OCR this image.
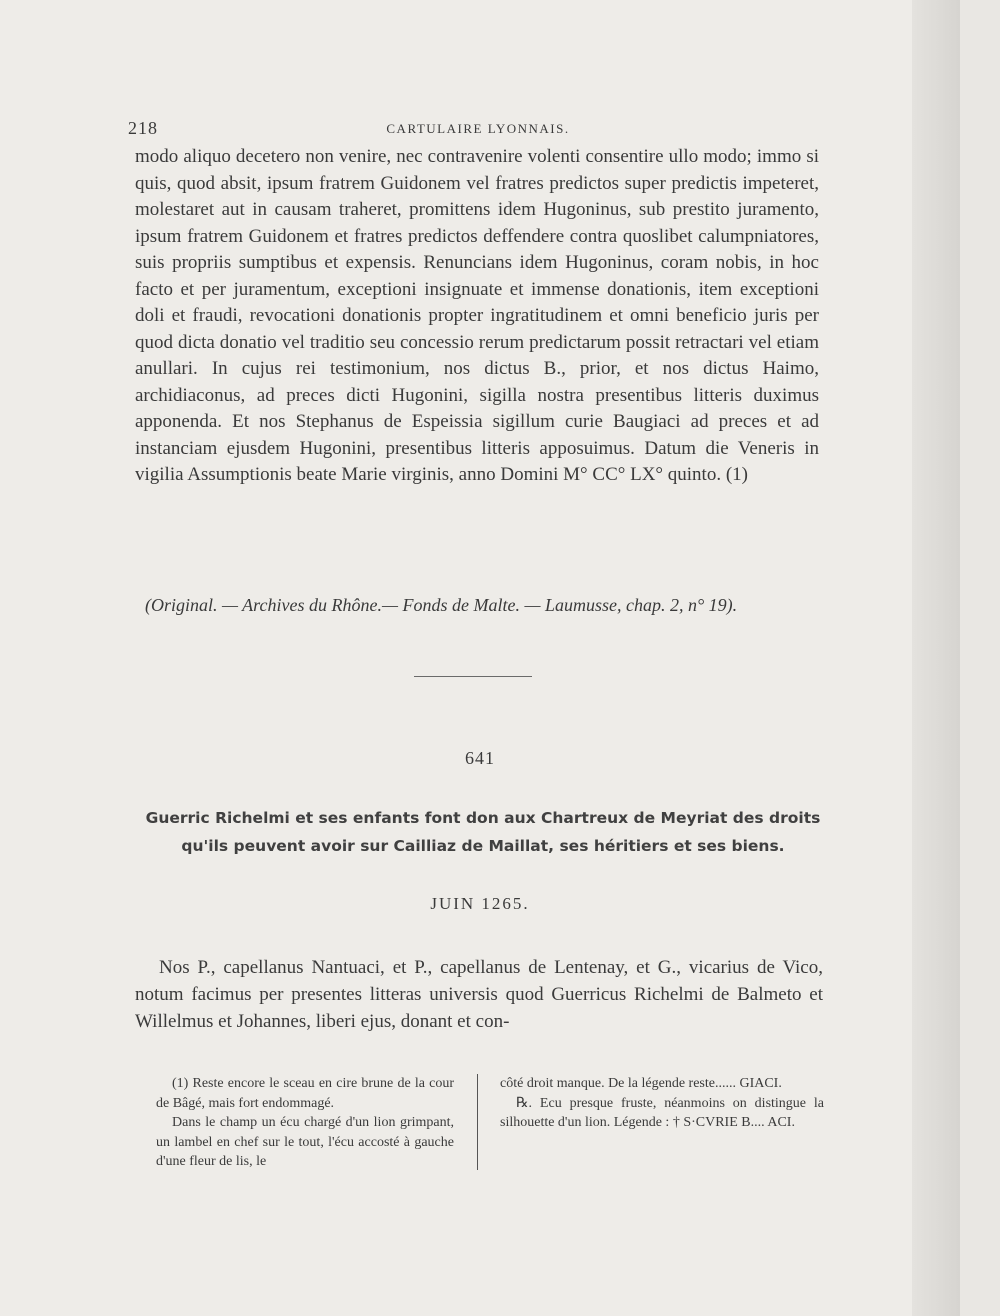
218	CARTULAIRE LYONNAIS.
modo aliquo decetero non venire, nec contravenire volenti consentire ullo modo; immo si quis, quod absit, ipsum fratrem Guidonem vel fratres predictos super predictis impeteret, molestaret aut in causam traheret, promittens idem Hugoninus, sub prestito juramento, ipsum fratrem Guidonem et fratres predictos deffendere contra quoslibet calumpniatores, suis propriis sumptibus et expensis. Renuncians idem Hugoninus, coram nobis, in hoc facto et per juramentum, exceptioni insignuate et immense donationis, item exceptioni doli et fraudi, revocationi donationis propter ingratitudinem et omni beneficio juris per quod dicta donatio vel traditio seu concessio rerum predictarum possit retractari vel etiam anullari. In cujus rei testimonium, nos dictus B., prior, et nos dictus Haimo, archidiaconus, ad preces dicti Hugonini, sigilla nostra presentibus litteris duximus apponenda. Et nos Stephanus de Espeissia sigillum curie Baugiaci ad preces et ad instanciam ejusdem Hugonini, presentibus litteris apposuimus. Datum die Veneris in vigilia Assumptionis beate Marie virginis, anno Domini M° CC° LX° quinto. (1)
(Original. — Archives du Rhône.— Fonds de Malte. — Laumusse, chap. 2, n° 19).
641
Guerric Richelmi et ses enfants font don aux Chartreux de Meyriat des droits qu'ils peuvent avoir sur Cailliaz de Maillat, ses héritiers et ses biens.
JUIN 1265.
Nos P., capellanus Nantuaci, et P., capellanus de Lentenay, et G., vicarius de Vico, notum facimus per presentes litteras universis quod Guerricus Richelmi de Balmeto et Willelmus et Johannes, liberi ejus, donant et con-

(1) Reste encore le sceau en cire brune de la cour de Bâgé, mais fort endommagé.

Dans le champ un écu chargé d'un lion grimpant, un lambel en chef sur le tout, l'écu accosté à gauche d'une fleur de lis, le

côté droit manque. De la légende reste...... GIACI.

℞. Ecu presque fruste, néanmoins on distingue la silhouette d'un lion. Légende : † S·CVRIE B.... ACI.
